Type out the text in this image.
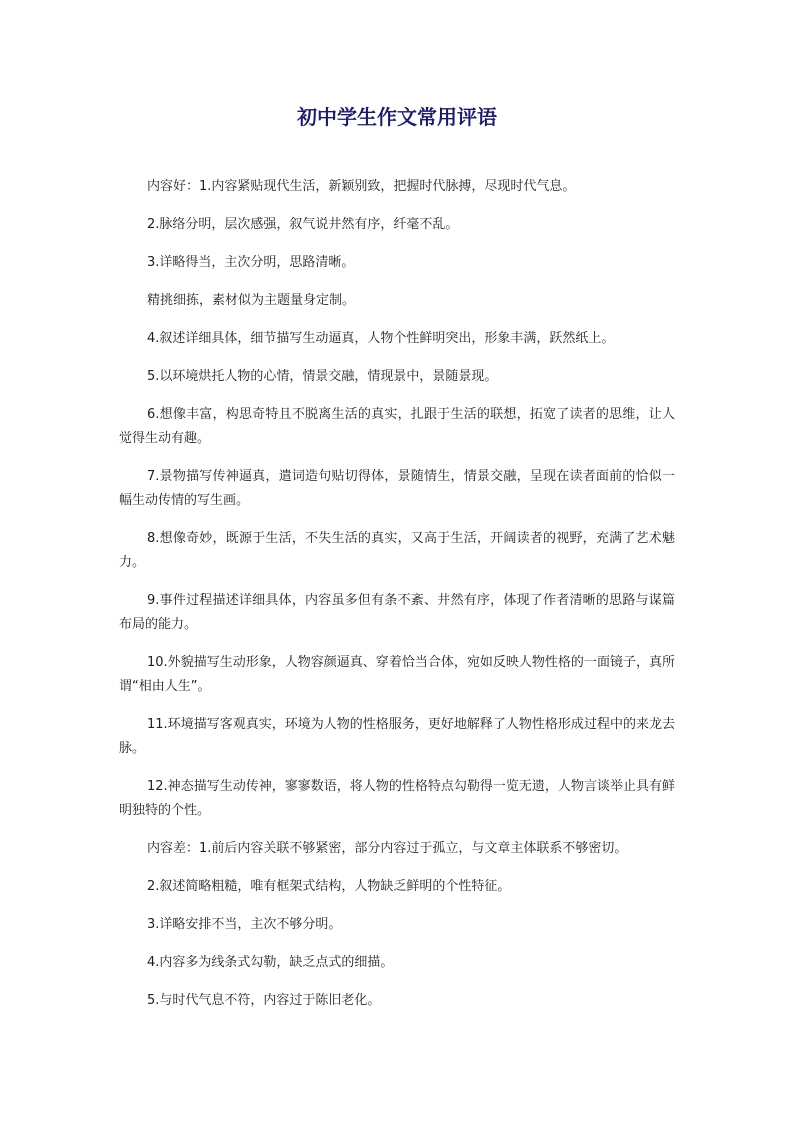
初中学生作文常用评语

内容好：1.内容紧贴现代生活，新颖别致，把握时代脉搏，尽现时代气息。

2.脉络分明，层次感强，叙气说井然有序，纤毫不乱。

3.详略得当，主次分明，思路清晰。

精挑细拣，素材似为主题量身定制。

4.叙述详细具体，细节描写生动逼真，人物个性鲜明突出，形象丰满，跃然纸上。

5.以环境烘托人物的心情，情景交融，情现景中，景随景现。

6.想像丰富，构思奇特且不脱离生活的真实，扎跟于生活的联想，拓宽了读者的思维，让人觉得生动有趣。

7.景物描写传神逼真，遣词造句贴切得体，景随情生，情景交融，呈现在读者面前的恰似一幅生动传情的写生画。

8.想像奇妙，既源于生活，不失生活的真实，又高于生活，开阔读者的视野，充满了艺术魅力。

9.事件过程描述详细具体，内容虽多但有条不紊、井然有序，体现了作者清晰的思路与谋篇布局的能力。

10.外貌描写生动形象，人物容颜逼真、穿着恰当合体，宛如反映人物性格的一面镜子，真所谓“相由人生”。

11.环境描写客观真实，环境为人物的性格服务，更好地解释了人物性格形成过程中的来龙去脉。

12.神态描写生动传神，寥寥数语，将人物的性格特点勾勒得一览无遗，人物言谈举止具有鲜明独特的个性。

内容差：1.前后内容关联不够紧密，部分内容过于孤立，与文章主体联系不够密切。

2.叙述简略粗糙，唯有框架式结构，人物缺乏鲜明的个性特征。

3.详略安排不当，主次不够分明。

4.内容多为线条式勾勒，缺乏点式的细描。

5.与时代气息不符，内容过于陈旧老化。
